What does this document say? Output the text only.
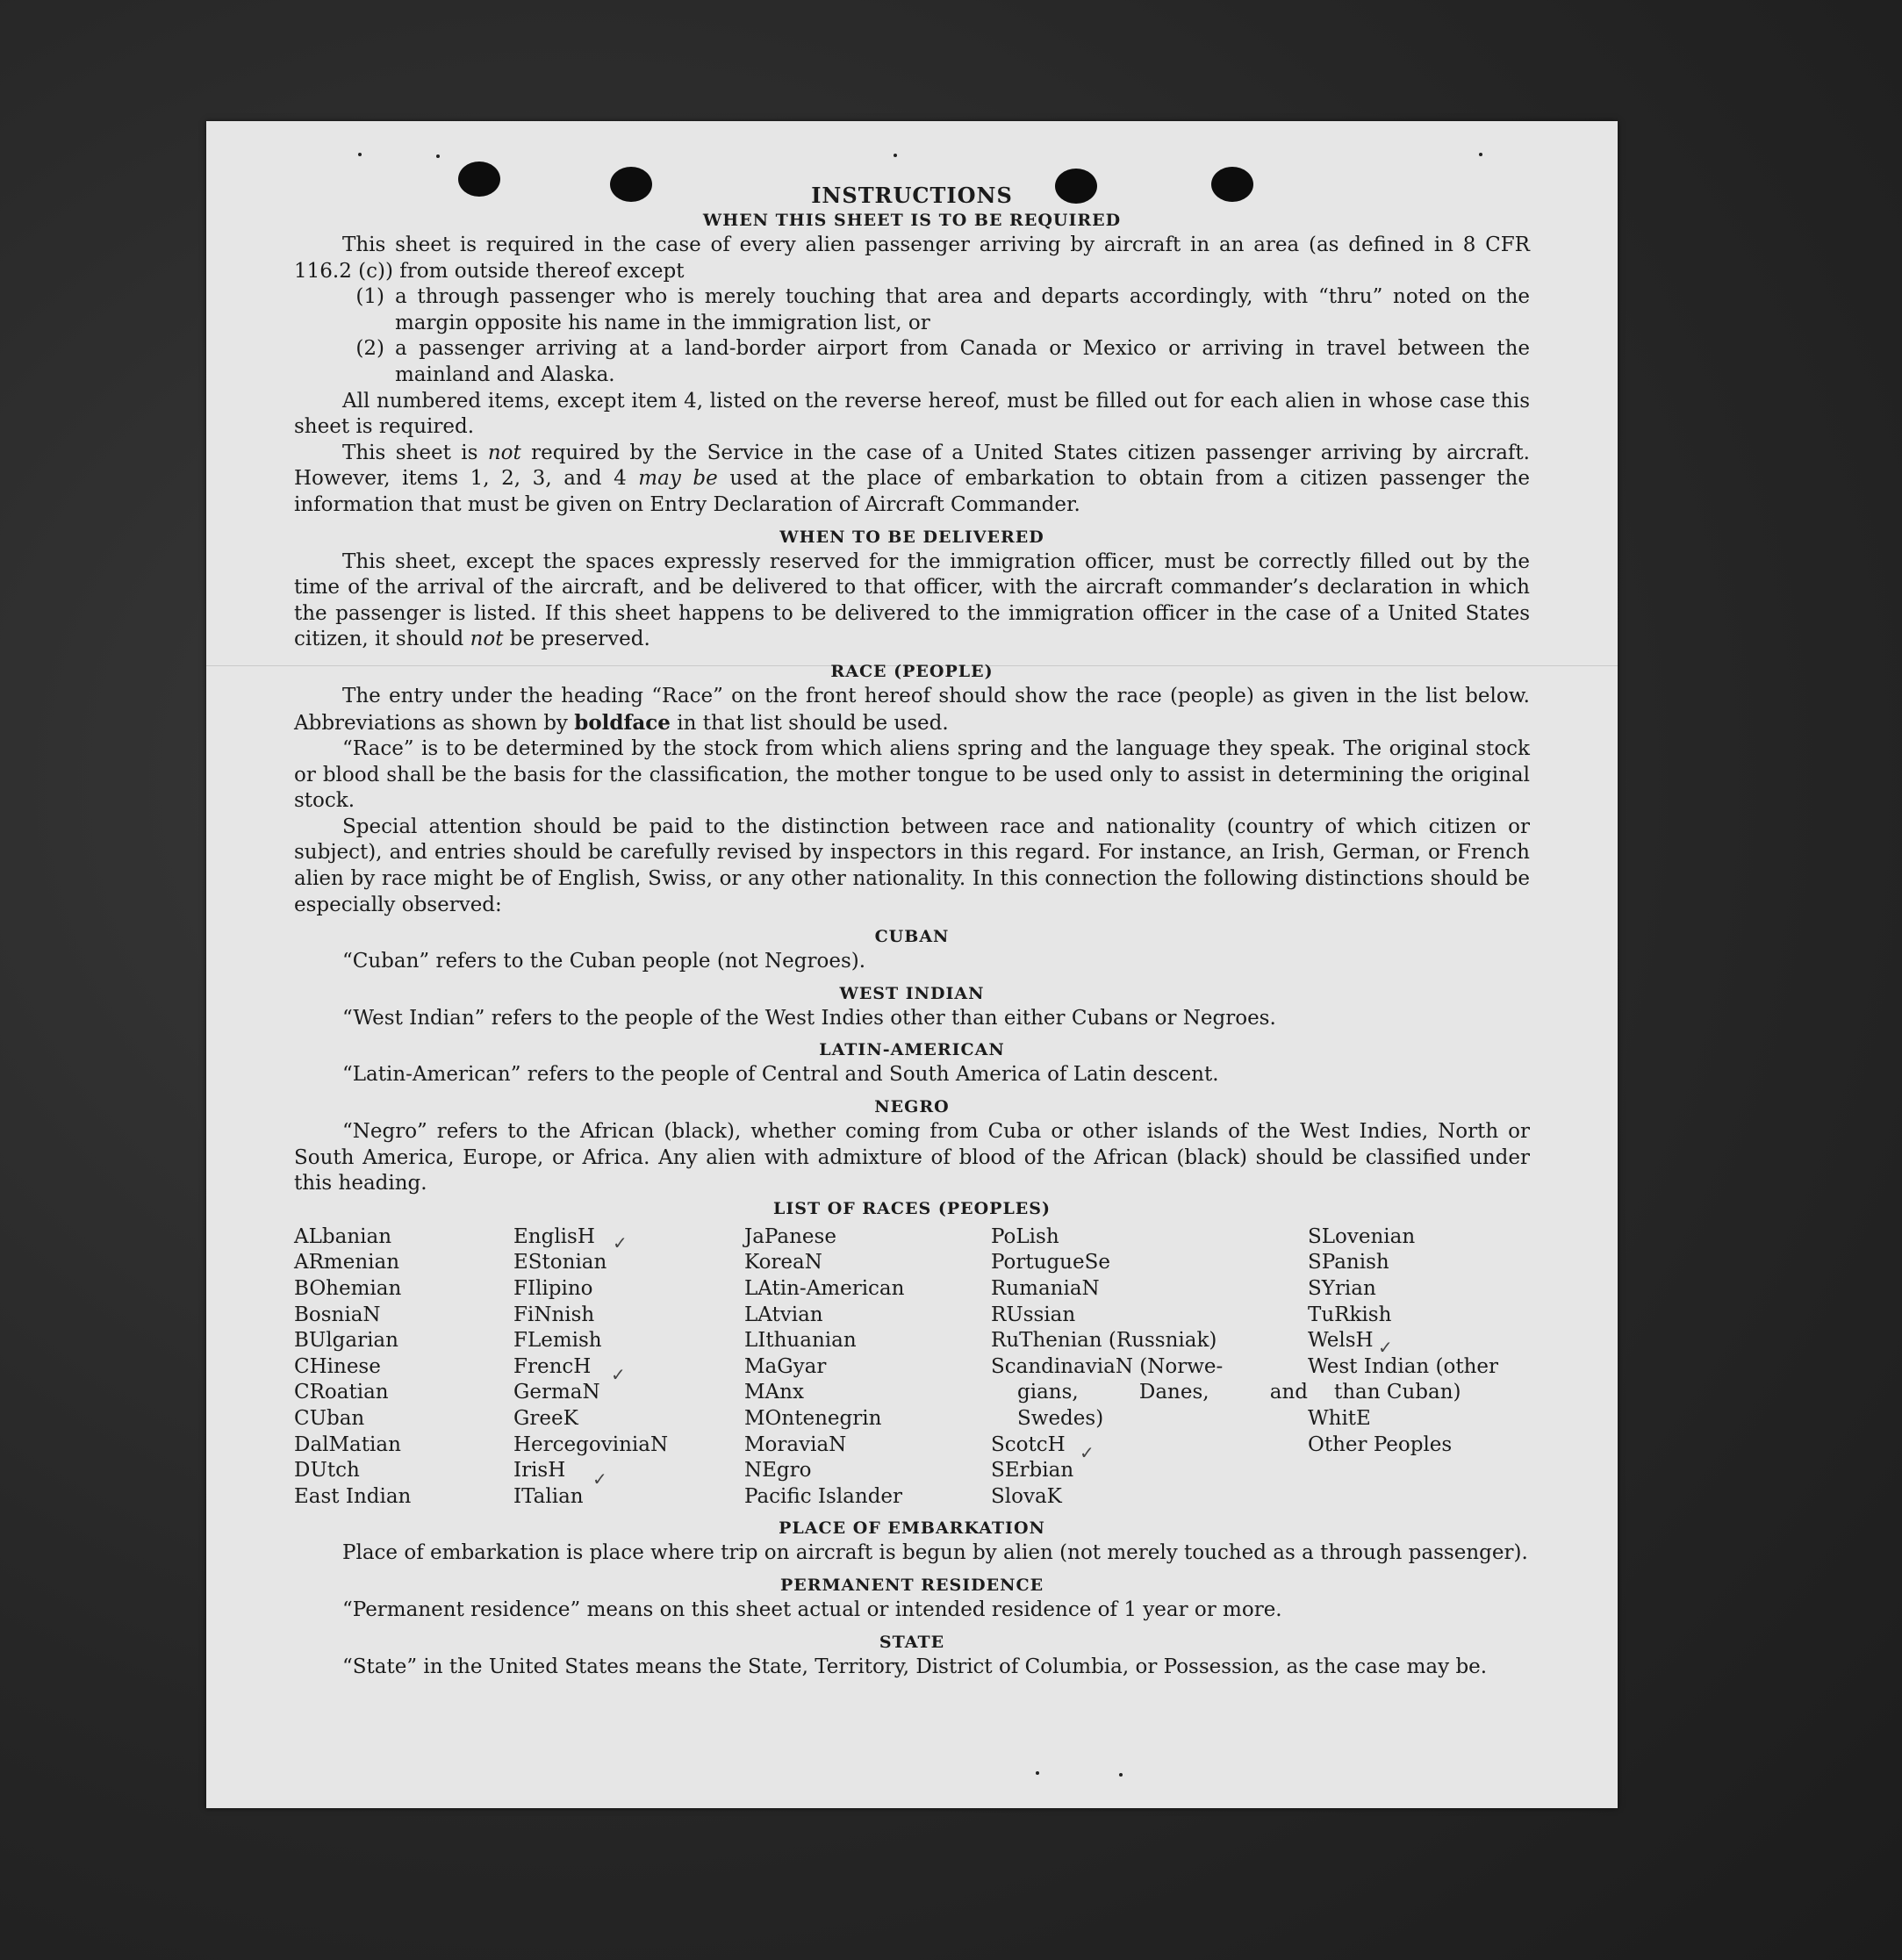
INSTRUCTIONS
WHEN THIS SHEET IS TO BE REQUIRED

This sheet is required in the case of every alien passenger arriving by aircraft in an area (as defined in 8 CFR 116.2 (c)) from outside thereof except

(1) a through passenger who is merely touching that area and departs accordingly, with “thru” noted on the margin opposite his name in the immigration list, or
(2) a passenger arriving at a land-border airport from Canada or Mexico or arriving in travel between the mainland and Alaska.

All numbered items, except item 4, listed on the reverse hereof, must be filled out for each alien in whose case this sheet is required.

This sheet is not required by the Service in the case of a United States citizen passenger arriving by aircraft. However, items 1, 2, 3, and 4 may be used at the place of embarkation to obtain from a citizen passenger the information that must be given on Entry Declaration of Aircraft Commander.

WHEN TO BE DELIVERED

This sheet, except the spaces expressly reserved for the immigration officer, must be correctly filled out by the time of the arrival of the aircraft, and be delivered to that officer, with the aircraft commander’s declaration in which the passenger is listed. If this sheet happens to be delivered to the immigration officer in the case of a United States citizen, it should not be preserved.

RACE (PEOPLE)

The entry under the heading “Race” on the front hereof should show the race (people) as given in the list below. Abbreviations as shown by boldface in that list should be used.

“Race” is to be determined by the stock from which aliens spring and the language they speak. The original stock or blood shall be the basis for the classification, the mother tongue to be used only to assist in determining the original stock.

Special attention should be paid to the distinction between race and nationality (country of which citizen or subject), and entries should be carefully revised by inspectors in this regard. For instance, an Irish, German, or French alien by race might be of English, Swiss, or any other nationality. In this connection the following distinctions should be especially observed:

CUBAN

“Cuban” refers to the Cuban people (not Negroes).

WEST INDIAN

“West Indian” refers to the people of the West Indies other than either Cubans or Negroes.

LATIN-AMERICAN

“Latin-American” refers to the people of Central and South America of Latin descent.

NEGRO

“Negro” refers to the African (black), whether coming from Cuba or other islands of the West Indies, North or South America, Europe, or Africa. Any alien with admixture of blood of the African (black) should be classified under this heading.

LIST OF RACES (PEOPLES)
ALbanian
ARmenian
BOhemian
BosniaN
BUlgarian
CHinese
CRoatian
CUban
DalMatian
DUtch
East Indian
EnglisH
EStonian
FIlipino
FiNnish
FLemish
FrencH
GermaN
GreeK
HercegoviniaN
IrisH
ITalian
JaPanese
KoreaN
LAtin-American
LAtvian
LIthuanian
MaGyar
MAnx
MOntenegrin
MoraviaN
NEgro
Pacific Islander
PoLish
PortugueSe
RumaniaN
RUssian
RuThenian (Russniak)
ScandinaviaN (Norwe-
gians, Danes, and
Swedes)
ScotcH
SErbian
SlovaK
SLovenian
SPanish
SYrian
TuRkish
WelsH
West Indian (other
than Cuban)
WhitE
Other Peoples
PLACE OF EMBARKATION

Place of embarkation is place where trip on aircraft is begun by alien (not merely touched as a through passenger).

PERMANENT RESIDENCE

“Permanent residence” means on this sheet actual or intended residence of 1 year or more.

STATE

“State” in the United States means the State, Territory, District of Columbia, or Possession, as the case may be.

✓
✓
✓
✓
✓
